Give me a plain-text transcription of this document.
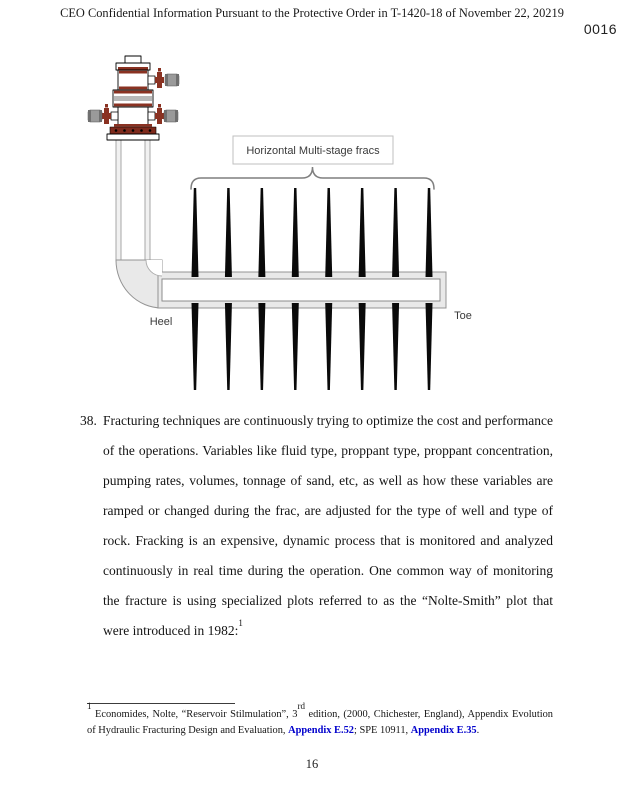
CEO Confidential Information Pursuant to the Protective Order in T-1420-18 of November 22, 20219
0016
Horizontal Multi-stage fracs
Heel	Toe
38. Fracturing techniques are continuously trying to optimize the cost and performance of the operations. Variables like fluid type, proppant type, proppant concentration, pumping rates, volumes, tonnage of sand, etc, as well as how these variables are ramped or changed during the frac, are adjusted for the type of well and type of rock. Fracking is an expensive, dynamic process that is monitored and analyzed continuously in real time during the operation. One common way of monitoring the fracture is using specialized plots referred to as the “Nolte-Smith” plot that were introduced in 1982:$^1$
$^1$ Economides, Nolte, “Reservoir Stilmulation”, 3rd edition, (2000, Chichester, England), Appendix Evolution of Hydraulic Fracturing Design and Evaluation, Appendix E.52; SPE 10911, Appendix E.35.
16
